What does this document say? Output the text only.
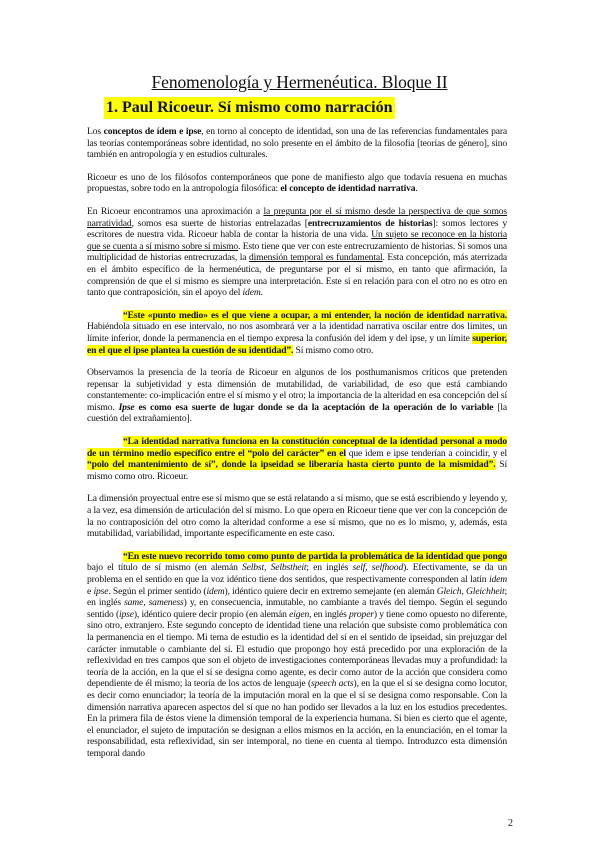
Fenomenología y Hermenéutica. Bloque II
1. Paul Ricoeur. Sí mismo como narración

Los conceptos de ídem e ipse, en torno al concepto de identidad, son una de las referencias fundamentales para las teorías contemporáneas sobre identidad, no solo presente en el ámbito de la filosofía [teorías de género], sino también en antropología y en estudios culturales.

Ricoeur es uno de los filósofos contemporáneos que pone de manifiesto algo que todavía resuena en muchas propuestas, sobre todo en la antropología filosófica: el concepto de identidad narrativa.

En Ricoeur encontramos una aproximación a la pregunta por el sí mismo desde la perspectiva de que somos narratividad, somos esa suerte de historias entrelazadas [entrecruzamientos de historias]: somos lectores y escritores de nuestra vida. Ricoeur habla de contar la historia de una vida. Un sujeto se reconoce en la historia que se cuenta a sí mismo sobre sí mismo. Esto tiene que ver con este entrecruzamiento de historias. Si somos una multiplicidad de historias entrecruzadas, la dimensión temporal es fundamental. Esta concepción, más aterrizada en el ámbito específico de la hermenéutica, de preguntarse por el sí mismo, en tanto que afirmación, la comprensión de que el sí mismo es siempre una interpretación. Este sí en relación para con el otro no es otro en tanto que contraposición, sin el apoyo del idem.

“Este «punto medio» es el que viene a ocupar, a mi entender, la noción de identidad narrativa. Habiéndola situado en ese intervalo, no nos asombrará ver a la identidad narrativa oscilar entre dos límites, un límite inferior, donde la permanencia en el tiempo expresa la confusión del idem y del ipse, y un límite superior, en el que el ipse plantea la cuestión de su identidad”. Sí mismo como otro.

Observamos la presencia de la teoría de Ricoeur en algunos de los posthumanismos críticos que pretenden repensar la subjetividad y esta dimensión de mutabilidad, de variabilidad, de eso que está cambiando constantemente: co-implicación entre el sí mismo y el otro; la importancia de la alteridad en esa concepción del sí mismo. Ipse es como esa suerte de lugar donde se da la aceptación de la operación de lo variable [la cuestión del extrañamiento].

“La identidad narrativa funciona en la constitución conceptual de la identidad personal a modo de un término medio específico entre el “polo del carácter” en el que idem e ipse tenderían a coincidir, y el “polo del mantenimiento de sí”, donde la ipseidad se liberaría hasta cierto punto de la mismidad”. Sí mismo como otro. Ricoeur.

La dimensión proyectual entre ese sí mismo que se está relatando a sí mismo, que se está escribiendo y leyendo y, a la vez, esa dimensión de articulación del sí mismo. Lo que opera en Ricoeur tiene que ver con la concepción de la no contraposición del otro como la alteridad conforme a ese sí mismo, que no es lo mismo, y, además, esta mutabilidad, variabilidad, importante específicamente en este caso.

“En este nuevo recorrido tomo como punto de partida la problemática de la identidad que pongo bajo el título de sí mismo (en alemán Selbst, Selbstheit; en inglés self, selfhood). Efectivamente, se da un problema en el sentido en que la voz idéntico tiene dos sentidos, que respectivamente corresponden al latín idem e ipse. Según el primer sentido (idem), idéntico quiere decir en extremo semejante (en alemán Gleich, Gleichheit; en inglés same, sameness) y, en consecuencia, inmutable, no cambiante a través del tiempo. Según el segundo sentido (ipse), idéntico quiere decir propio (en alemán eigen, en inglés proper) y tiene como opuesto no diferente, sino otro, extranjero. Este segundo concepto de identidad tiene una relación que subsiste como problemática con la permanencia en el tiempo. Mi tema de estudio es la identidad del sí en el sentido de ipseidad, sin prejuzgar del carácter inmutable o cambiante del sí. El estudio que propongo hoy está precedido por una exploración de la reflexividad en tres campos que son el objeto de investigaciones contemporáneas llevadas muy a profundidad: la teoría de la acción, en la que el sí se designa como agente, es decir como autor de la acción que considera como dependiente de él mismo; la teoría de los actos de lenguaje (speech acts), en la que el sí se designa como locutor, es decir como enunciador; la teoría de la imputación moral en la que el sí se designa como responsable. Con la dimensión narrativa aparecen aspectos del sí que no han podido ser llevados a la luz en los estudios precedentes. En la primera fila de éstos viene la dimensión temporal de la experiencia humana. Si bien es cierto que el agente, el enunciador, el sujeto de imputación se designan a ellos mismos en la acción, en la enunciación, en el tomar la responsabilidad, esta reflexividad, sin ser intemporal, no tiene en cuenta al tiempo. Introduzco esta dimensión temporal dando

2
